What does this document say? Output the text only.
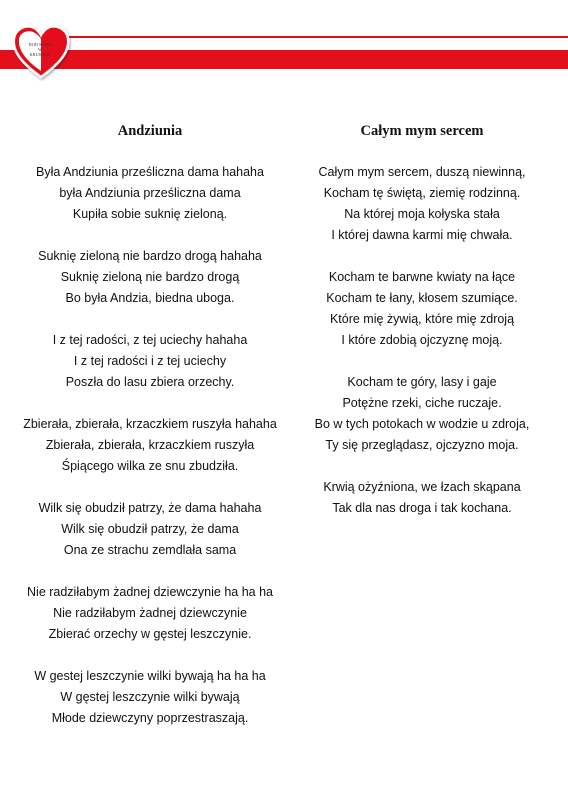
ROD KOAS
W
KRUSACH
Andziunia
Była Andziunia prześliczna dama hahaha
była Andziunia prześliczna dama
Kupiła sobie suknię zieloną.
Suknię zieloną nie bardzo drogą hahaha
Suknię zieloną nie bardzo drogą
Bo była Andzia, biedna uboga.
I z tej radości, z tej uciechy hahaha
I z tej radości i z tej uciechy
Poszła do lasu zbiera orzechy.
Zbierała, zbierała, krzaczkiem ruszyła hahaha
Zbierała, zbierała, krzaczkiem ruszyła
Śpiącego wilka ze snu zbudziła.
Wilk się obudził patrzy, że dama hahaha
Wilk się obudził patrzy, że dama
Ona ze strachu zemdlała sama
Nie radziłabym żadnej dziewczynie ha ha ha
Nie radziłabym żadnej dziewczynie
Zbierać orzechy w gęstej leszczynie.
W gestej leszczynie wilki bywają ha ha ha
W gęstej leszczynie wilki bywają
Młode dziewczyny poprzestraszają.
Całym mym sercem
Całym mym sercem, duszą niewinną,
Kocham tę świętą, ziemię rodzinną.
Na której moja kołyska stała
I której dawna karmi mię chwała.
Kocham te barwne kwiaty na łące
Kocham te łany, kłosem szumiące.
Które mię żywią, które mię zdroją
I które zdobią ojczyznę moją.
Kocham te góry, lasy i gaje
Potężne rzeki, ciche ruczaje.
Bo w tych potokach w wodzie u zdroja,
Ty się przeglądasz, ojczyzno moja.
Krwią ożyźniona, we łzach skąpana
Tak dla nas droga i tak kochana.
